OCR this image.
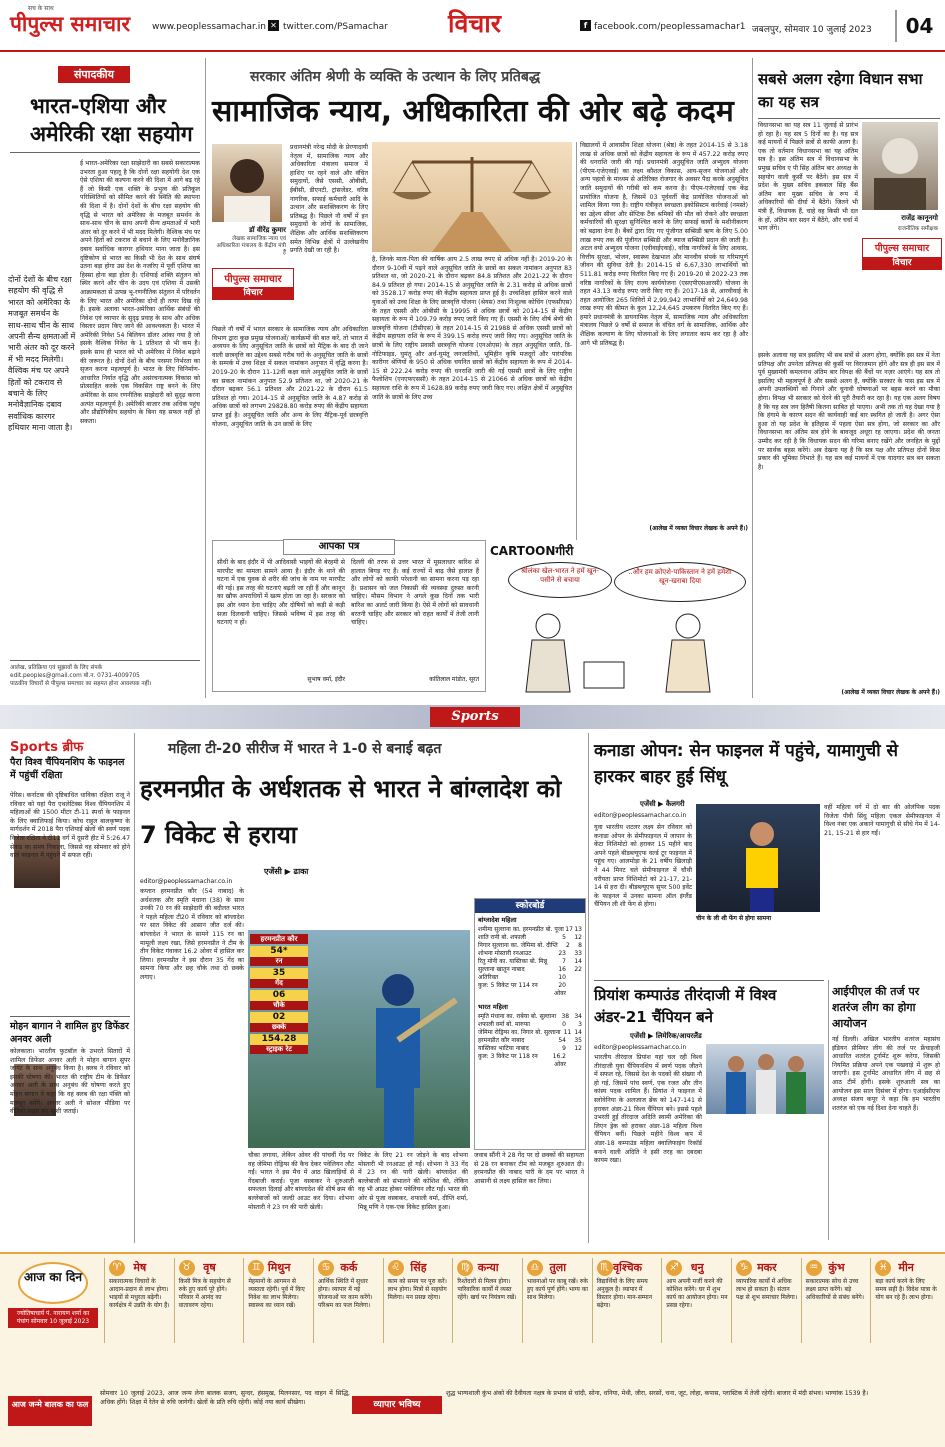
पीपुल्स समाचार
सच के साथ
www.peoplessamachar.in ✕ twitter.com/PSamachar विचार	f facebook.com/peoplessamachar1 जबलपुर, सोमवार 10 जुलाई 2023	04
संपादकीय
भारत-एशिया और अमेरिकी रक्षा सहयोग
ई भारत-अमेरिका रक्षा साझेदारी का सबसे सकारात्मक उभरता हुआ पहलू है कि दोनों रक्षा सहयोगी देश एक ऐसे एशिया की कल्पना करने की दिशा में आगे बढ़ रहे हैं जो किसी एक शक्ति के प्रभुत्व की प्रतिकूल परिस्थितियों को सीमित करने की स्थिति की स्थापना की दिशा में है। दोनों देशों के बीच रक्षा सहयोग की वृद्धि से भारत को अमेरिका के मजबूत समर्थन के साथ-साथ चीन के साथ अपनी सैन्य क्षमताओं में भारी अंतर को दूर करने में भी मदद मिलेगी। वैश्विक मंच पर अपने हितों को टकराव से बचाने के लिए मनोवैज्ञानिक दबाव सर्वाधिक कारगर हथियार माना जाता है। इस दृष्टिकोण से भारत का किसी भी देश के साथ संघर्ष उतना बड़ा होगा उस देश के नजरिए में पूर्वी एशिया का हिस्सा होना बड़ा होता है। एशियाई शक्ति संतुलन को स्थिर करने और चीन के उदय एवं एशिया में उसकी आक्रामकता से उत्पन्न भू-रणनीतिक संतुलन में परिवर्तन के लिए भारत और अमेरिका दोनों ही तत्पर दिख रहे हैं। इसके अलावा भारत-अमेरिका आर्थिक संबंधों की निवेश एवं व्यापार के सुदृढ़ प्रवाह के साथ और अधिक विस्तार प्रदान किए जाने की आवश्यकता है। भारत में अमेरिकी निवेश 54 बिलियन डॉलर आंका गया है जो इसके वैश्विक निवेश के 1 प्रतिशत से भी कम है। इसके साथ ही भारत को भी अमेरिका में निवेश बढ़ाने की जरूरत है। दोनों देशों के बीच परस्पर निर्भरता का सृजन करना महत्वपूर्ण है। भारत के लिए विनिर्माण-आधारित निर्यात वृद्धि और असंरचनात्मक विकास को प्रोत्साहित करके एक विकसित राष्ट्र बनने के लिए अमेरिका के साथ रणनीतिक साझेदारी को सुदृढ़ करना अत्यंत महत्वपूर्ण है। अमेरिकी बाजार तक अधिक पहुंच और प्रौद्योगिकीय सहयोग के बिना यह सफल नहीं हो सकता।
दोनों देशों के बीच रक्षा सहयोग की वृद्धि से भारत को अमेरिका के मजबूत समर्थन के साथ-साथ चीन के साथ अपनी सैन्य क्षमताओं में भारी अंतर को दूर करने में भी मदद मिलेगी। वैश्विक मंच पर अपने हितों को टकराव से बचाने के लिए मनोवैज्ञानिक दबाव सर्वाधिक कारगर हथियार माना जाता है।
आलेख, प्रतिक्रिया एवं सुझावों के लिए संपर्क
edit.peoples@gmail.com बो.न. 0731-4009705
पाठकीय विचारों से पीपुल्स समाचार का सहमत होना आवश्यक नहीं।
सरकार अंतिम श्रेणी के व्यक्ति के उत्थान के लिए प्रतिबद्ध
सामाजिक न्याय, अधिकारिता की ओर बढ़े कदम
डॉ वीरेंद्र कुमार
लेखक सामाजिक न्याय एवं अधिकारिता मंत्रालय के केंद्रीय मंत्री हैं
प्रधानमंत्री नरेन्द्र मोदी के प्रेरणादायी नेतृत्व में, सामाजिक न्याय और अधिकारिता मंत्रालय समाज में हाशिए पर रहने वाले और वंचित समुदायों, जैसे एससी, ओबीसी, ईबीसी, डीएनटी, ट्रांसजेंडर, वरिष्ठ नागरिक, सफाई कर्मचारी आदि के उत्थान और सशक्तिकरण के लिए प्रतिबद्ध है। पिछले नौ वर्षों में इन समुदायों के लोगों के सामाजिक, शैक्षिक और आर्थिक सशक्तिकरण समेत विभिन्न क्षेत्रों में उल्लेखनीय प्रगति देखी जा रही है।
पीपुल्स समाचार
विचार
पिछले नौ वर्षों में भारत सरकार के सामाजिक न्याय और अधिकारिता विभाग द्वारा कुछ प्रमुख योजनाओं/ कार्यक्रमों की बात करें, तो भारत में अध्ययन के लिए अनुसूचित जाति के छात्रों को मैट्रिक के बाद दी जाने वाली छात्रवृत्ति का उद्देश्य सबसे गरीब घरों के अनुसूचित जाति के छात्रों के सम्पर्क में उच्च शिक्षा में सकल नामांकन अनुपात में वृद्धि करना है। 2019-20 के दौरान 11-12वीं कक्षा वाले अनुसूचित जाति के छात्रों का सकल नामांकन अनुपात 52.9 प्रतिशत था, जो 2020-21 के दौरान बढ़कर 56.1 प्रतिशत और 2021-22 के दौरान 61.5 प्रतिशत हो गया। 2014-15 से अनुसूचित जाति के 4.87 करोड़ से अधिक छात्रों को लगभग 29828.80 करोड़ रुपए की केंद्रीय सहायता प्राप्त हुई है। अनुसूचित जाति और अन्य के लिए मैट्रिक-पूर्व छात्रवृत्ति योजना, अनुसूचित जाति के उन छात्रों के लिए
है, जिनके माता-पिता की वार्षिक आय 2.5 लाख रुपए से अधिक नहीं है। 2019-20 के दौरान 9-10वीं में पढ़ने वाले अनुसूचित जाति के छात्रों का सकल नामांकन अनुपात 83 प्रतिशत था, जो 2020-21 के दौरान बढ़कर 84.8 प्रतिशत और 2021-22 के दौरान 84.9 प्रतिशत हो गया। 2014-15 से अनुसूचित जाति के 2.31 करोड़ से अधिक छात्रों को 3528.17 करोड़ रुपए की केंद्रीय सहायता प्राप्त हुई है। उच्चशिक्षा हासिल करने वाले युवाओं को उच्च शिक्षा के लिए छात्रवृत्ति योजना (श्रेयस) तथा निःशुल्क कोचिंग (एफसीएस) के तहत एससी और ओबीसी के 19995 से अधिक छात्रों को 2014-15 से केंद्रीय सहायता के रूप में 109.79 करोड़ रुपए जारी किए गए हैं। एससी के लिए शीर्ष श्रेणी की छात्रवृत्ति योजना (टीसीएस) के तहत 2014-15 से 21988 से अधिक एससी छात्रों को केंद्रीय सहायता राशि के रूप में 399.15 करोड़ रुपए जारी किए गए। अनुसूचित जाति के छात्रों के लिए राष्ट्रीय प्रवासी छात्रवृत्ति योजना (एनओएस) के तहत अनुसूचित जाति, डि-नोटिफाइड, घुमंतू और अर्ध-घुमंतू जनजातियों, भूमिहीन कृषि मजदूरों और पारंपरिक कारीगर श्रेणियों के 950 से अधिक चयनित छात्रों को केंद्रीय सहायता के रूप में 2014-15 से 222.24 करोड़ रुपए की धनराशि जारी की गई एससी छात्रों के लिए राष्ट्रीय फैलोशिप (एनएफएससी) के तहत 2014-15 से 21066 से अधिक छात्रों को केंद्रीय सहायता राशि के रूप में 1628.89 करोड़ रुपए जारी किए गए। लक्षित क्षेत्रों में अनुसूचित जाति के छात्रों के लिए उच्च
विद्यालयों में आवासीय शिक्षा योजना (श्रेष्ठ) के तहत 2014-15 से 3.18 लाख से अधिक छात्रों को केंद्रीय सहायता के रूप में 457.22 करोड़ रुपए की धनराशि जारी की गई। प्रधानमंत्री अनुसूचित जाति अभ्युदय योजना (पीएम-एजेएवाई) का लक्ष्य कौशल विकास, आय-सृजन योजनाओं और अन्य पहलों के माध्यम से अतिरिक्त रोजगार के अवसर पैदा करके अनुसूचित जाति समुदायों की गरीबी को कम करना है। पीएम-एजेएवाई एक केंद्र प्रायोजित योजना है, जिसमें 03 पूर्ववर्ती केंद्र प्रायोजित योजनाओं को शामिल किया गया है। राष्ट्रीय यंत्रीकृत स्वच्छता इकोसिस्टम कार्रवाई (नमस्ते) का उद्देश्य सीवर और सेप्टिक टैंक श्रमिकों की मौत को रोकने और स्वच्छता कर्मचारियों की सुरक्षा सुनिश्चित करने के लिए सफाई कार्यों के मशीनीकरण को बढ़ावा देना है। बैंकों द्वारा दिए गए पूंजीगत सब्सिडी ऋण के लिए 5.00 लाख रुपए तक की पूंजीगत सब्सिडी और ब्याज सब्सिडी प्रदान की जाती है। अटल वयो अभ्युदय योजना (एवीवाईएवाई), वरिष्ठ नागरिकों के लिए आवास, वित्तीय सुरक्षा, भोजन, स्वास्थ्य देखभाल और मानवीय संपर्क या गरिमापूर्ण जीवन की सुविधा देती है। 2014-15 से 6,67,330 लाभार्थियों को 511.81 करोड़ रुपए वितरित किए गए हैं। 2019-20 से 2022-23 तक वरिष्ठ नागरिकों के लिए राज्य कार्ययोजना (एसएपीएसआरसी) योजना के तहत 43.13 करोड़ रुपए जारी किए गए हैं। 2017-18 से, आरवीवाई के तहत आयोजित 265 शिविरों में 2,99,942 लाभार्थियों को 24,649.98 लाख रुपए की कीमत के कुल 12,24,645 उपकरण वितरित किए गए हैं। हमारे प्रधानमंत्री के डायनामिक नेतृत्व में, सामाजिक न्याय और अधिकारिता मंत्रालय पिछले 9 वर्षों से समाज के वंचित वर्ग के सामाजिक, आर्थिक और शैक्षिक कल्याण के लिए योजनाओं के लिए लगातार काम कर रहा है और आगे भी प्रतिबद्ध है।
(आलेख में व्यक्त विचार लेखक के अपने हैं।)
सबसे अलग रहेगा विधान सभा का यह सत्र
विधानसभा का यह सत्र 11 जुलाई से प्रारंभ हो रहा है। यह सत्र 5 दिनों का है। यह सत्र कई मायनों में पिछले सत्रों से काफी अलग है। एक तो वर्तमान विधानसभा का यह अंतिम सत्र है। इस अंतिम सत्र में विधानसभा के प्रमुख सचिव ए पी सिंह अंतिम बार अध्यक्ष के सहयोग वाली कुर्सी पर बैठेंगे। इस सत्र में प्रदेश के मुख्य सचिव इकबाल सिंह बैंस अंतिम बार मुख्य सचिव के रूप में अधिकारियों की दीर्घा में बैठेंगे। जितने भी मंत्री हैं, विधायक हैं, चाहे वह किसी भी दल के हों, अंतिम बार सदन में बैठेंगे, और चर्चा में भाग लेंगे।
राजेंद्र कानूनगो
राजनीतिक समीक्षक
पीपुल्स समाचार
विचार
इसके अलावा यह सत्र इसलिए भी सब सत्रों से अलग होगा, क्योंकि इस सत्र में नेता प्रतिपक्ष और उपनेता प्रतिपक्ष की कुर्सी पर विराजमान होंगे और सत्र ही इस सत्र में पूर्व मुख्यमंत्री कमलनाथ अंतिम बार विपक्ष की बैंचों पर नज़र आएंगे। यह सत्र तो इसलिए भी महत्वपूर्ण है और सबसे अलग है, क्योंकि सरकार के पास इस सत्र में अपनी उपलब्धियों को गिनाने और चुनावी घोषणाओं पर बहस करने का मौका होगा। विपक्ष भी सरकार को घेरने की पूरी तैयारी कर रहा है। यह एक अलग विषय है कि यह सत्र जन हितैषी कितना साबित हो पाएगा। अभी तक तो यह देखा गया है कि हंगामे के कारण सदन की कार्यवाही कई बार स्थगित हो जाती है। अगर ऐसा हुआ तो यह प्रदेश के इतिहास में पहला ऐसा सत्र होगा, जो सरकार का और विधानसभा का अंतिम सत्र होने के बावजूद अधूरा रह जाएगा। प्रदेश की जनता उम्मीद कर रही है कि विधायक सदन की गरिमा बनाए रखेंगे और जनहित के मुद्दों पर सार्थक बहस करेंगे। अब देखना यह है कि सत्र पक्ष और प्रतिपक्ष दोनों किस प्रकार की भूमिका निभाते हैं। यह सत्र कई मायनों में एक यादगार सत्र बन सकता है।
(आलेख में व्यक्त विचार लेखक के अपने हैं।)
आपका पत्र
सीधी के बाद इंदौर में भी आदिवासी भाइयों की बेरहमी से मारपीट का मामला सामने आया है। इंदौर के थाने की घटना में एक युवक से शरीर की जांच के नाम पर मारपीट की गई। इस तरह की घटनाएं बढ़ती जा रही हैं और कानून का खौफ अपराधियों में खत्म होता जा रहा है। सरकार को इस ओर ध्यान देना चाहिए और दोषियों को कड़ी से कड़ी सजा दिलवानी चाहिए। जिससे भविष्य में इस तरह की घटनाएं न हों।
सुभाष वर्मा, इंदौर
दिल्ली की तरफ से उत्तर भारत में मूसलाधार बारिश से हालात बिगड़ गए हैं। कई राज्यों में बाढ़ जैसे हालात हैं और लोगों को काफी परेशानी का सामना करना पड़ रहा है। प्रशासन को जल निकासी की व्यवस्था दुरुस्त करनी चाहिए। मौसम विभाग ने अगले कुछ दिनों तक भारी बारिश का अलर्ट जारी किया है। ऐसे में लोगों को सावधानी बरतनी चाहिए और सरकार को राहत कार्यों में तेजी लानी चाहिए।
कांतिलाल मांडोत, सूरत
CARTOONगीरी
श्रीलंका खेल-भारत ने हमें खून-पसीने से बचाया
..और हम क्रोएशे-पाकिस्तान ने हमें हमेशा खून-खराबा दिया
Sports
Sports ब्रीफ
पैरा विश्व चैंपियनशिप के फाइनल में पहुंचीं रक्षिता
पेरिस। कर्नाटक की दृष्टिबाधित धाविका रक्षिता राजू ने रविवार को यहां पैरा एथलेटिक्स विश्व चैंपियनशिप में महिलाओं की 1500 मीटर टी-11 स्पर्धा के फाइनल के लिए क्वालिफाई किया। कोच राहुल बालकृष्णा के मार्गदर्शन में 2018 पैरा एशियाई खेलों की स्वर्ण पदक विजेता रक्षिता ने टी11 वर्ग में दूसरी हीट में 5:26.47 सेकंड का समय निकाला, जिससे वह सोमवार को होने वाले फाइनल में पहुंचने में सफल रहीं।
मोहन बागान ने शामिल हुए डिफेंडर अनवर अली
कोलकाता। भारतीय फुटबॉल के उभरते सितारों में शामिल डिफेंडर अनवर अली ने मोहन बागान सुपर जायंट के साथ अनुबंध किया है। क्लब ने रविवार को इसकी घोषणा की। भारत की राष्ट्रीय टीम के डिफेंडर अनवर अली के साथ अनुबंध की घोषणा करते हुए मोहन बागान ने कहा कि वह क्लब की रक्षा पंक्ति को मजबूत करेंगे। अनवर अली ने सोशल मीडिया पर वीडियो साझा कर खुशी जताई।
महिला टी-20 सीरीज में भारत ने 1-0 से बनाई बढ़त
हरमनप्रीत के अर्धशतक से भारत ने बांग्लादेश को 7 विकेट से हराया
एजेंसी ▶ ढाका
editor@peoplessamachar.co.in
कप्तान हरमनप्रीत कौर (54 नाबाद) के अर्धशतक और स्मृति मंधाना (38) के साथ उनकी 70 रन की साझेदारी की बदौलत भारत ने पहले महिला टी20 में रविवार को बांग्लादेश पर सात विकेट की आसान जीत दर्ज की। बांग्लादेश ने भारत के सामने 115 रन का मामूली लक्ष्य रखा, जिसे हरमनप्रीत ने टीम के तीन विकेट गंवाकर 16.2 ओवर में हासिल कर लिया। हरमनप्रीत ने इस दौरान 35 गेंद का सामना किया और छह चौके तथा दो छक्के लगाए।
हरमनप्रीत कौर
54*
रन
35
गेंद
06
चौके
02
छक्के
154.28
स्ट्राइक रेट
चौका लगाया, लेकिन ओवर की पांचवीं गेंद पर वह जेमिमा रोड्रिग्स की कैच देकर पवेलियन लौट गईं। भारत ने इस मैच में आठ खिलाड़ियों से गेंदबाजी कराई। पूजा वस्त्राकर ने शुरुआती सफलता दिलाई और बांग्लादेश की शीर्ष क्रम की बल्लेबाजों को जल्दी आउट कर दिया। शोभना मोस्तारी ने 23 रन की पारी खेली।
विकेट के लिए 21 रन जोड़ने के बाद शोभना मोस्तारी भी रनआउट हो गईं। शोभना ने 33 गेंद में 23 रन की पारी खेली। बांग्लादेश की बल्लेबाजी को संभालने की कोशिश की, लेकिन वह भी आउट होकर पवेलियन लौट गईं। भारत की ओर से पूजा वस्त्राकर, शफाली वर्मा, दीप्ति शर्मा, मिन्नू मणि ने एक-एक विकेट हासिल हुआ।
स्कोरबोर्ड
बांग्लादेश महिला
शमीमा सुल्ताना का. हरमनप्रीत बो. पूजा 17 13
शाति रानी बो. शफाली	5	12
निगार सुल्ताना का. जेमिमा बो. दीप्ति	2	8
शोभना मोस्तारी रनआउट	23	33
रितु मोनी का. यास्तिका बो. मिन्नू	7	14
सुल्ताना खातून नाबाद	16	22
अतिरिक्त	10
कुल: 5 विकेट पर 114 रन	20 ओवर
भारत महिला
स्मृति मंधाना का. राबेया बो. सुल्ताना 38 34
शफाली वर्मा बो. मारुफा	0	3
जेमिमा रोड्रिग्स का. निगार बो. सुल्ताना 11 14
हरमनप्रीत कौर नाबाद	54	35
यास्तिका भाटिया नाबाद	9	12
कुल: 3 विकेट पर 118 रन	16.2 ओवर
जवाब सौंनी ने 28 गेंद पर दो छक्कों की सहायता से 28 रन बनाकर टीम को मजबूत शुरुआत दी। हरमनप्रीत की नाबाद पारी के दम पर भारत ने आसानी से लक्ष्य हासिल कर लिया।
कनाडा ओपन: सेन फाइनल में पहुंचे, यामागुची से हारकर बाहर हुई सिंधू
एजेंसी ▶ कैलगरी
editor@peoplessamachar.co.in
युवा भारतीय शटलर लक्ष्य सेन रविवार को कनाडा ओपन के सेमीफाइनल में जापान के केंटा निशिमोटो को हराकर 15 महीने बाद अपने पहले बीडब्ल्यूएफ वर्ल्ड टूर फाइनल में पहुंच गए। आलमोड़ा के 21 वर्षीय खिलाड़ी ने 44 मिनट चले सेमीफाइनल में चौथी वरीयता प्राप्त निशिमोटो को 21-17, 21-14 से हरा दी। बीडब्ल्यूएफ सुपर 500 इवेंट के फाइनल में उनका सामना ऑल इंग्लैंड चैंपियन ली शी फेंग से होगा।
चीन के ली शी फेंग से होगा सामना
वहीं महिला वर्ग में दो बार की ओलंपिक पदक विजेता पीवी सिंधु महिला एकल सेमीफाइनल में विश्व नंबर एक अकाने यामागुची से सीधे गेम में 14-21, 15-21 से हार गईं।
प्रियांश कम्पाउंड तीरंदाजी में विश्व अंडर-21 चैंपियन बने
एजेंसी ▶ लिमेरिक/आयरलैंड
editor@peoplessamachar.co.in
भारतीय तीरंदाज प्रियांश यहां चल रही विश्व तीरंदाजी युवा चैंपियनशिप में स्वर्ण पदक जीतने में सफल रहे, जिससे देश के पदकों की संख्या नौ हो गई, जिसमें पांच स्वर्ण, एक रजत और तीन कांस्य पदक शामिल हैं। प्रियांश ने फाइनल में स्लोवेनिया के अलजाज ब्रेंक को 147-141 से हराकर अंडर-21 विश्व चैंपियन बने। इससे पहले उभरती हुई तीरंदाज अदिति स्वामी अमेरिका की लिएन ड्रेक को हराकर अंडर-18 महिला विश्व चैंपियन बनीं। पिछले महीने विश्व कप में अंडर-18 कम्पाउंड महिला क्वालिफाइंग रिकॉर्ड बनाने वाली अदिति ने इसी तरह का दबदबा कायम रखा।
आईपीएल की तर्ज पर शतरंज लीग का होगा आयोजन
नई दिल्ली। अखिल भारतीय शतरंज महासंघ इंडियन प्रीमियर लीग की तर्ज पर फ्रेंचाइजी आधारित शतरंज टूर्नामेंट शुरू करेगा, जिसकी नियमित प्रक्रिया अपने एक पखवाड़े में शुरू हो जाएगी। इस टूर्नामेंट आधारित लीग में छह से आठ टीमें होंगी। इसके शुरुआती सत्र का आयोजन इस साल दिसंबर में होगा। एआईसीएफ अध्यक्ष संजय कपूर ने कहा कि हम भारतीय शतरंज को एक नई दिशा देना चाहते हैं।
आज का दिन
ज्योतिषाचार्य पं. नारायण शर्मा का पंचांग सोमवार 10 जुलाई 2023
♈	मेष
सकारात्मक विचारों के आदान-प्रदान से लाभ होगा। भाइयों से मधुरता बढ़ेगी। कार्यक्षेत्र में उन्नति के योग हैं।
♉	वृष
किसी मित्र के सहयोग से रुके हुए कार्य पूरे होंगे। परिवार में आनंद का वातावरण रहेगा।
♊ मिथुन
मेहमानों के आगमन से व्यस्तता रहेगी। पूर्व में किए निवेश का लाभ मिलेगा। स्वास्थ्य का ध्यान रखें।
♋ कर्क
आर्थिक स्थिति में सुधार होगा। व्यापार में नई योजनाओं पर काम करेंगे। परिश्रम का फल मिलेगा।
♌ सिंह
काम को समय पर पूरा करें। लाभ होगा। मित्रों से सहयोग मिलेगा। मन प्रसन्न रहेगा।
♍ कन्या
रिश्तेदारों से मिलन होगा। पारिवारिक कार्यों में व्यस्त रहेंगे। खर्च पर नियंत्रण रखें।
♎ तुला
भावनाओं पर काबू रखें। रुके हुए कार्य पूर्ण होंगे। भाग्य का साथ मिलेगा।
♏ वृश्चिक
विद्यार्थियों के लिए समय अनुकूल है। व्यापार में विस्तार होगा। मान-सम्मान बढ़ेगा।
♐	धनु
आप अपनी मर्जी करने की कोशिश करेंगे। घर में शुभ कार्य का आयोजन होगा। मन प्रसन्न रहेगा।
♑ मकर
व्यापारिक कार्यों में अधिक लाभ हो सकता है। संतान पक्ष से शुभ समाचार मिलेगा।
♒ कुंभ
सकारात्मक सोच से उच्च लक्ष्य प्राप्त करेंगे। बड़े अधिकारियों से संबंध बनेंगे।
♓ मीन
बड़ा कार्य करने के लिए समय सही है। विदेश यात्रा के योग बन रहे हैं। लाभ होगा।
आज जन्मे बालक का फल
सोमवार 10 जुलाई 2023, आज जन्म लेना बालक सजग, सुन्दर, हंसमुख, मिलनसार, पद वाहन में सिद्धि, अधिक होंगे। शिक्षा में रेतेन से रुचि जागेगी। खेलों के प्रति रुचि रहेगी। कोई नया कार्य सीखेगा।	व्यापार भविष्य
शुद्ध भाग्यशाली कुंभ अंको की दैवीयता नक्षत्र के प्रभाव से चांदी, सोना, धनिया, मेथी, जीरा, सरसों, चना, जूट, लोहा, कपास, प्लास्टिक में तेजी रहेगी। बाजार में मंदी संभव। भाग्यांक 1539 है।
